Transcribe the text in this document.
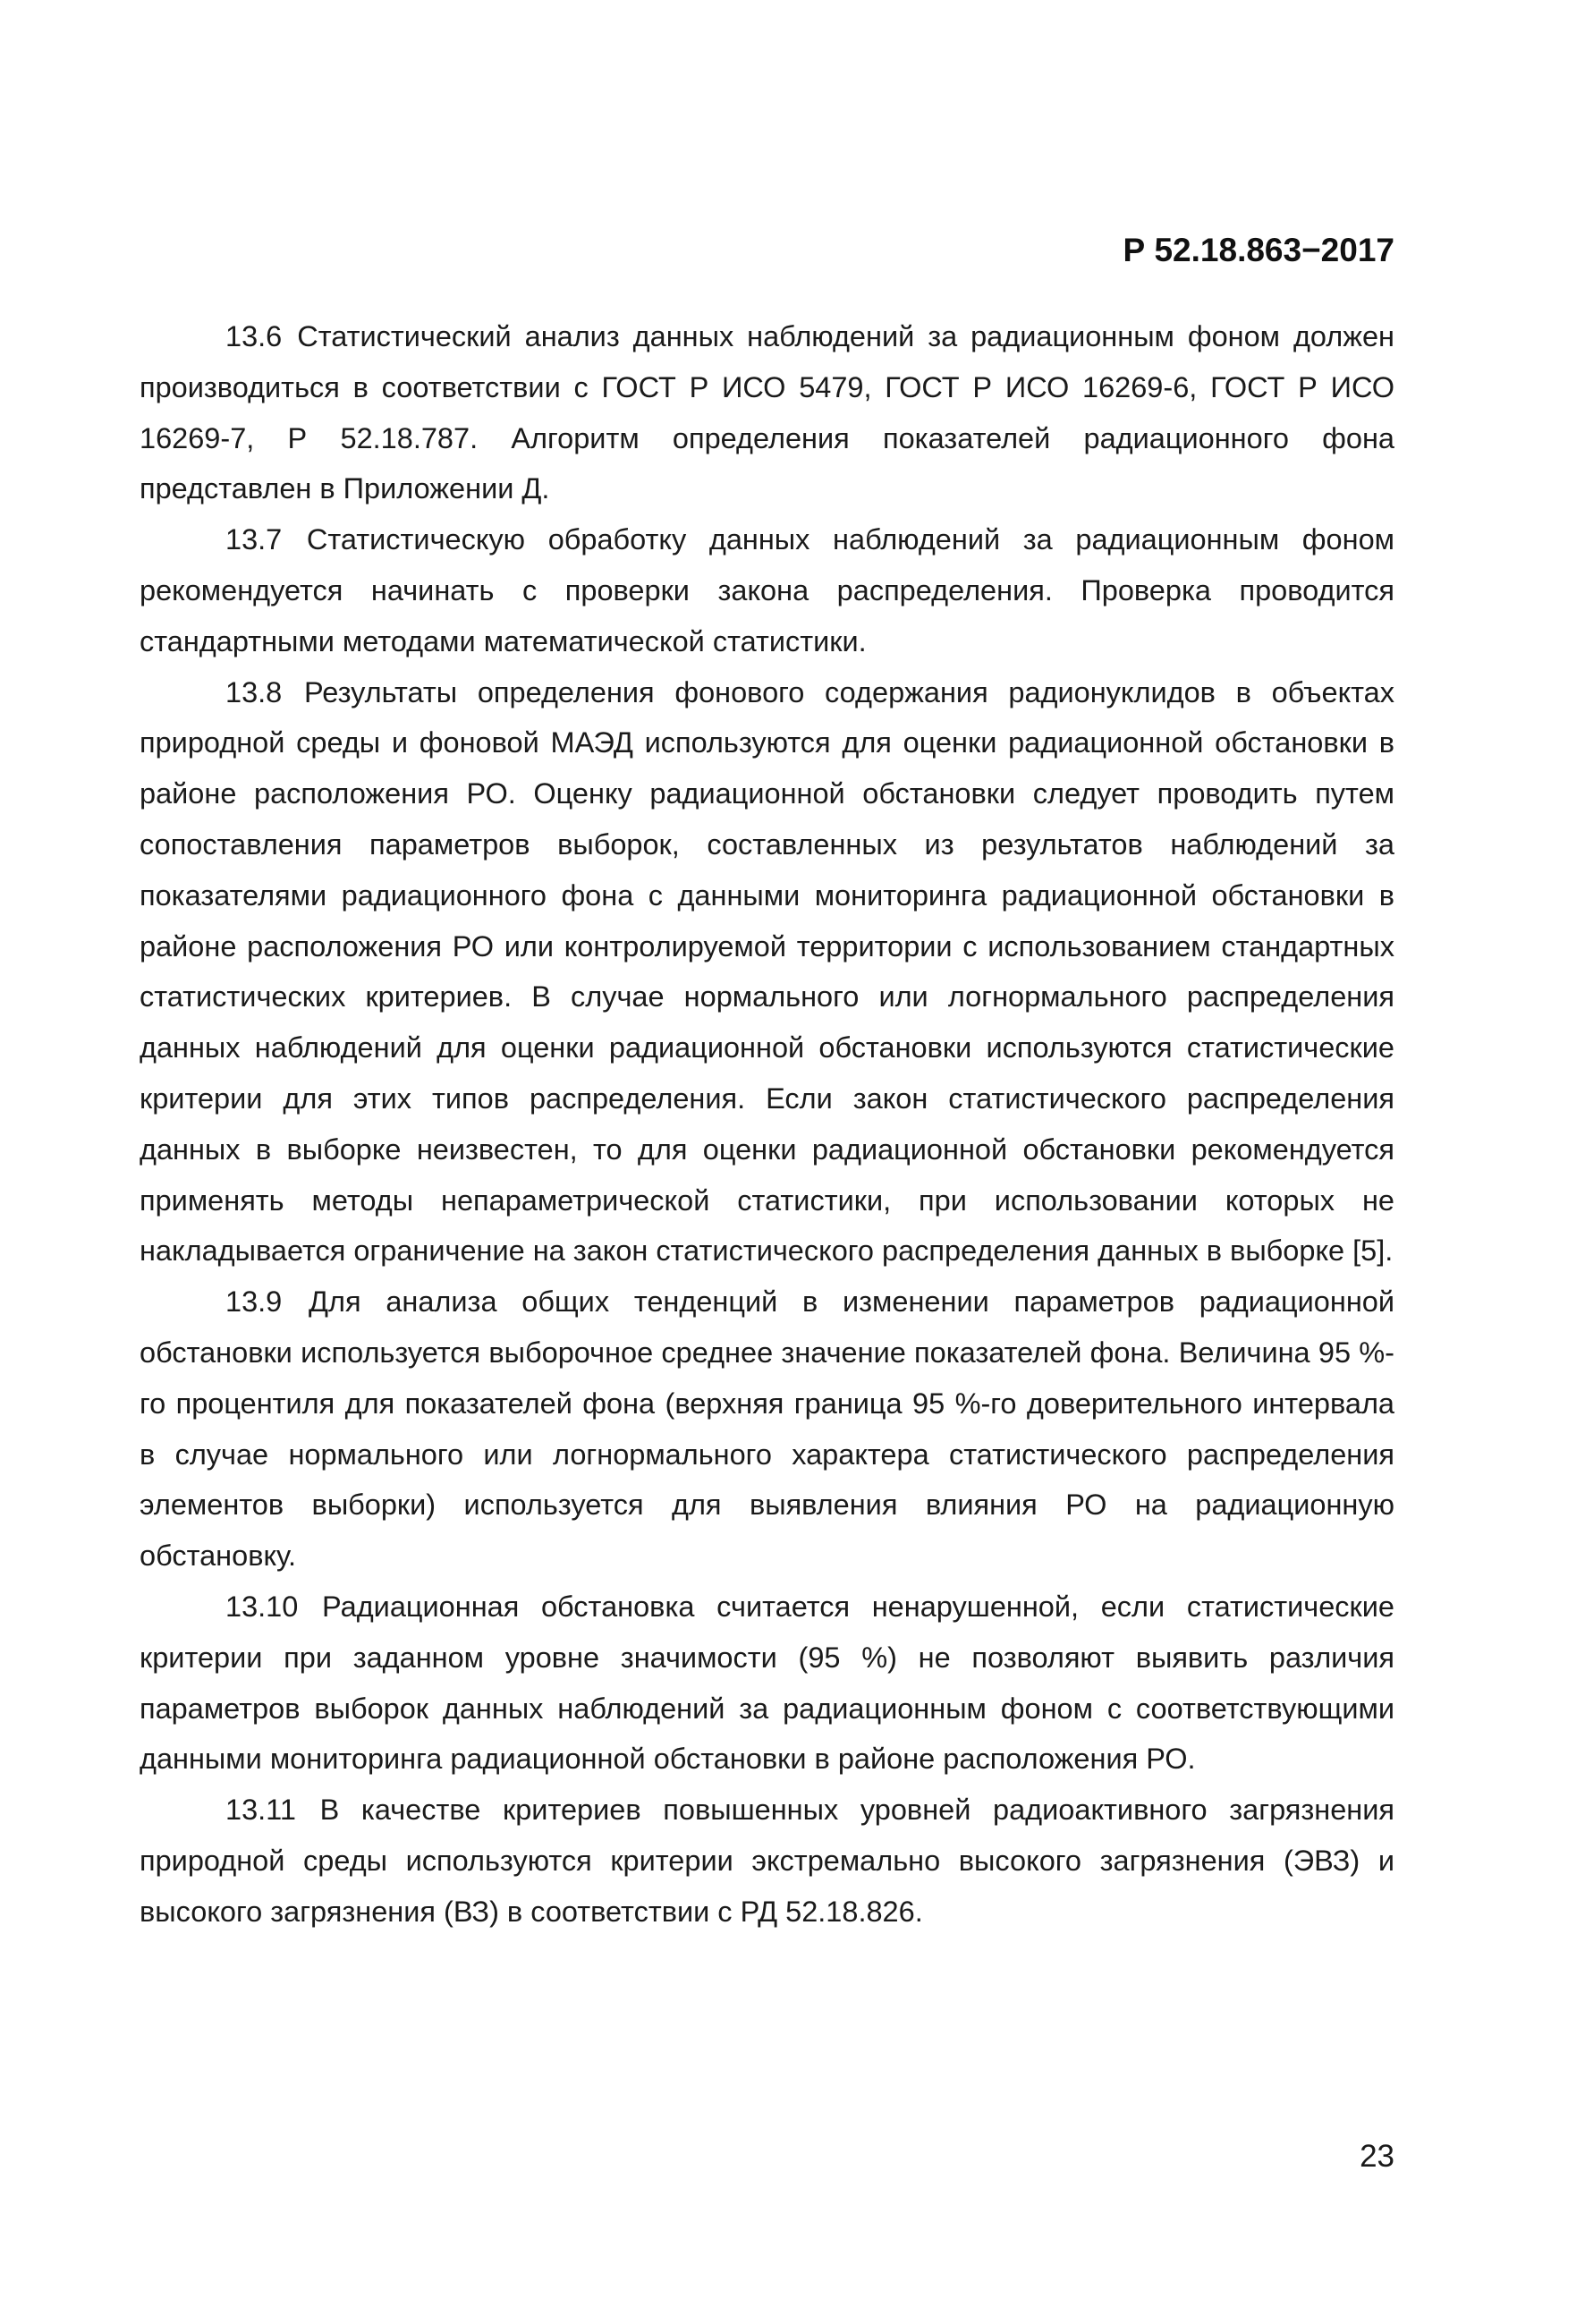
Р 52.18.863−2017

13.6 Статистический анализ данных наблюдений за радиационным фоном должен производиться в соответствии с ГОСТ Р ИСО 5479, ГОСТ Р ИСО 16269-6, ГОСТ Р ИСО 16269-7, Р 52.18.787. Алгоритм определения показателей радиационного фона представлен в Приложении Д.

13.7 Статистическую обработку данных наблюдений за радиационным фоном рекомендуется начинать с проверки закона распределения. Проверка проводится стандартными методами математической статистики.

13.8 Результаты определения фонового содержания радионуклидов в объектах природной среды и фоновой МАЭД используются для оценки радиационной обстановки в районе расположения РО. Оценку радиационной обстановки следует проводить путем сопоставления параметров выборок, составленных из результатов наблюдений за показателями радиационного фона с данными мониторинга радиационной обстановки в районе расположения РО или контролируемой территории с использованием стандартных статистических критериев. В случае нормального или логнормального распределения данных наблюдений для оценки радиационной обстановки используются статистические критерии для этих типов распределения. Если закон статистического распределения данных в выборке неизвестен, то для оценки радиационной обстановки рекомендуется применять методы непараметрической статистики, при использовании которых не накладывается ограничение на закон статистического распределения данных в выборке [5].

13.9 Для анализа общих тенденций в изменении параметров радиационной обстановки используется выборочное среднее значение показателей фона. Величина 95 %-го процентиля для показателей фона (верхняя граница 95 %-го доверительного интервала в случае нормального или логнормального характера статистического распределения элементов выборки) используется для выявления влияния РО на радиационную обстановку.

13.10 Радиационная обстановка считается ненарушенной, если статистические критерии при заданном уровне значимости (95 %) не позволяют выявить различия параметров выборок данных наблюдений за радиационным фоном с соответствующими данными мониторинга радиационной обстановки в районе расположения РО.

13.11 В качестве критериев повышенных уровней радиоактивного загрязнения природной среды используются критерии экстремально высокого загрязнения (ЭВЗ) и высокого загрязнения (ВЗ) в соответствии с РД 52.18.826.

23
